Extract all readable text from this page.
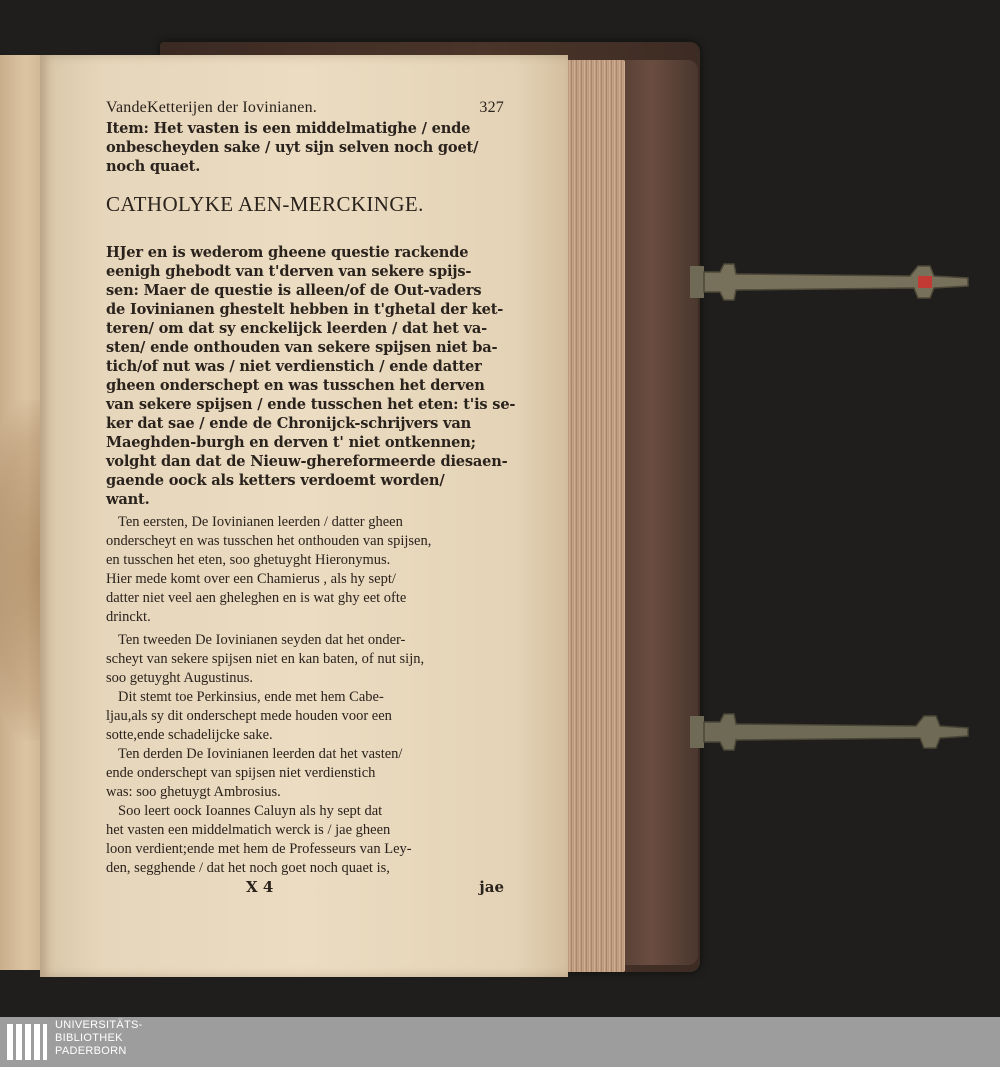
VandeKetterijen der Iovinianen.	327
Item: Het vasten is een middelmatighe / ende
onbescheyden sake / uyt sijn selven noch goet/
noch quaet.
CATHOLYKE AEN-MERCKINGE.
HJer en is wederom gheene questie rackende
eenigh ghebodt van t'derven van sekere spijs-
sen: Maer de questie is alleen/of de Out-vaders
de Iovinianen ghestelt hebben in t'ghetal der ket-
teren/ om dat sy enckelijck leerden / dat het va-
sten/ ende onthouden van sekere spijsen niet ba-
tich/of nut was / niet verdienstich / ende datter
gheen onderschept en was tusschen het derven
van sekere spijsen / ende tusschen het eten: t'is se-
ker dat sae / ende de Chronijck-schrijvers van
Maeghden-burgh en derven t' niet ontkennen;
volght dan dat de Nieuw-ghereformeerde diesaen-
gaende oock als ketters verdoemt worden/
want.
Ten eersten, De Iovinianen leerden / datter gheen
onderscheyt en was tusschen het onthouden van spijsen,
en tusschen het eten, soo ghetuyght Hieronymus.
Hier mede komt over een Chamierus , als hy sept/
datter niet veel aen gheleghen en is wat ghy eet ofte
drinckt.
Ten tweeden De Iovinianen seyden dat het onder-
scheyt van sekere spijsen niet en kan baten, of nut sijn,
soo getuyght Augustinus.
Dit stemt toe Perkinsius, ende met hem Cabe-
ljau,als sy dit onderschept mede houden voor een
sotte,ende schadelijcke sake.
Ten derden De Iovinianen leerden dat het vasten/
ende onderschept van spijsen niet verdienstich
was: soo ghetuygt Ambrosius.
Soo leert oock Ioannes Caluyn als hy sept dat
het vasten een middelmatich werck is / jae gheen
loon verdient;ende met hem de Professeurs van Ley-
den, segghende / dat het noch goet noch quaet is,
X 4	jae
UNIVERSITÄTS-
BIBLIOTHEK
PADERBORN
